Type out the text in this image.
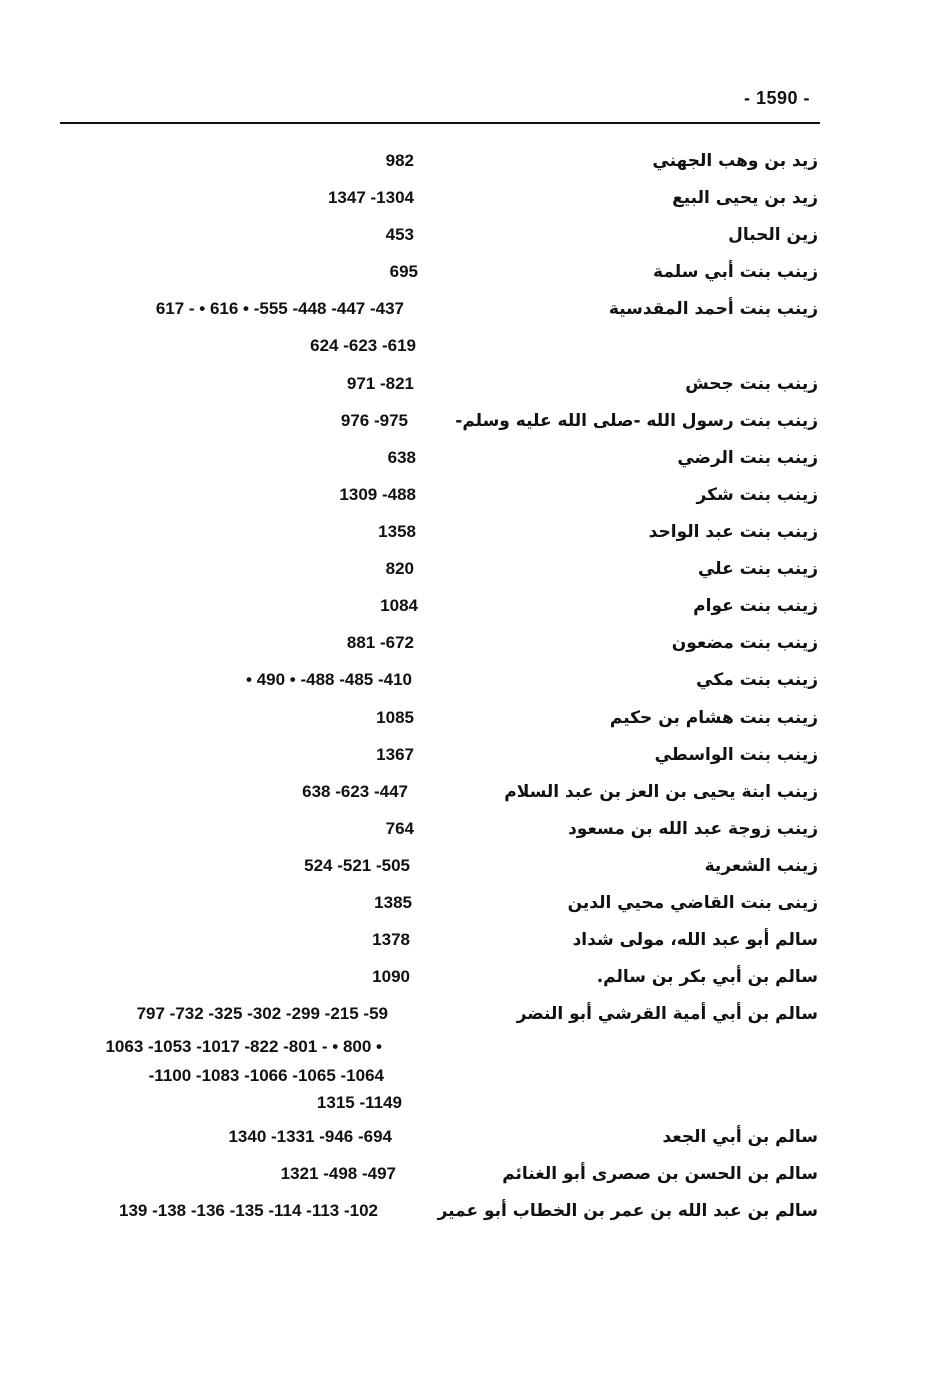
- 1590 -
زيد بن وهب الجهني
982
زيد بن يحيى البيع
1347 -1304
زين الحبال
453
زينب بنت أبي سلمة
695
زينب بنت أحمد المقدسية
617 - • 616 • -555 -448 -447 -437
624 -623 -619
زينب بنت جحش
971 -821
زينب بنت رسول الله -صلى الله عليه وسلم-
976 -975
زينب بنت الرضي
638
زينب بنت شكر
1309 -488
زينب بنت عبد الواحد
1358
زينب بنت علي
820
زينب بنت عوام
1084
زينب بنت مضعون
881 -672
زينب بنت مكي
• 490 • -488 -485 -410
زينب بنت هشام بن حكيم
1085
زينب بنت الواسطي
1367
زينب ابنة يحيى بن العز بن عبد السلام
638 -623 -447
زينب زوجة عبد الله بن مسعود
764
زينب الشعرية
524 -521 -505
زينى بنت القاضي محيي الدين
1385
سالم أبو عبد الله، مولى شداد
1378
سالم بن أبي بكر بن سالم.
1090
سالم بن أبي أمية القرشي أبو النضر
797 -732 -325 -302 -299 -215 -59
1063 -1053 -1017 -822 -801 - • 800 •
-1100 -1083 -1066 -1065 -1064
1315 -1149
سالم بن أبي الجعد
1340 -1331 -946 -694
سالم بن الحسن بن صصرى أبو الغنائم
1321 -498 -497
سالم بن عبد الله بن عمر بن الخطاب أبو عمير
139 -138 -136 -135 -114 -113 -102
